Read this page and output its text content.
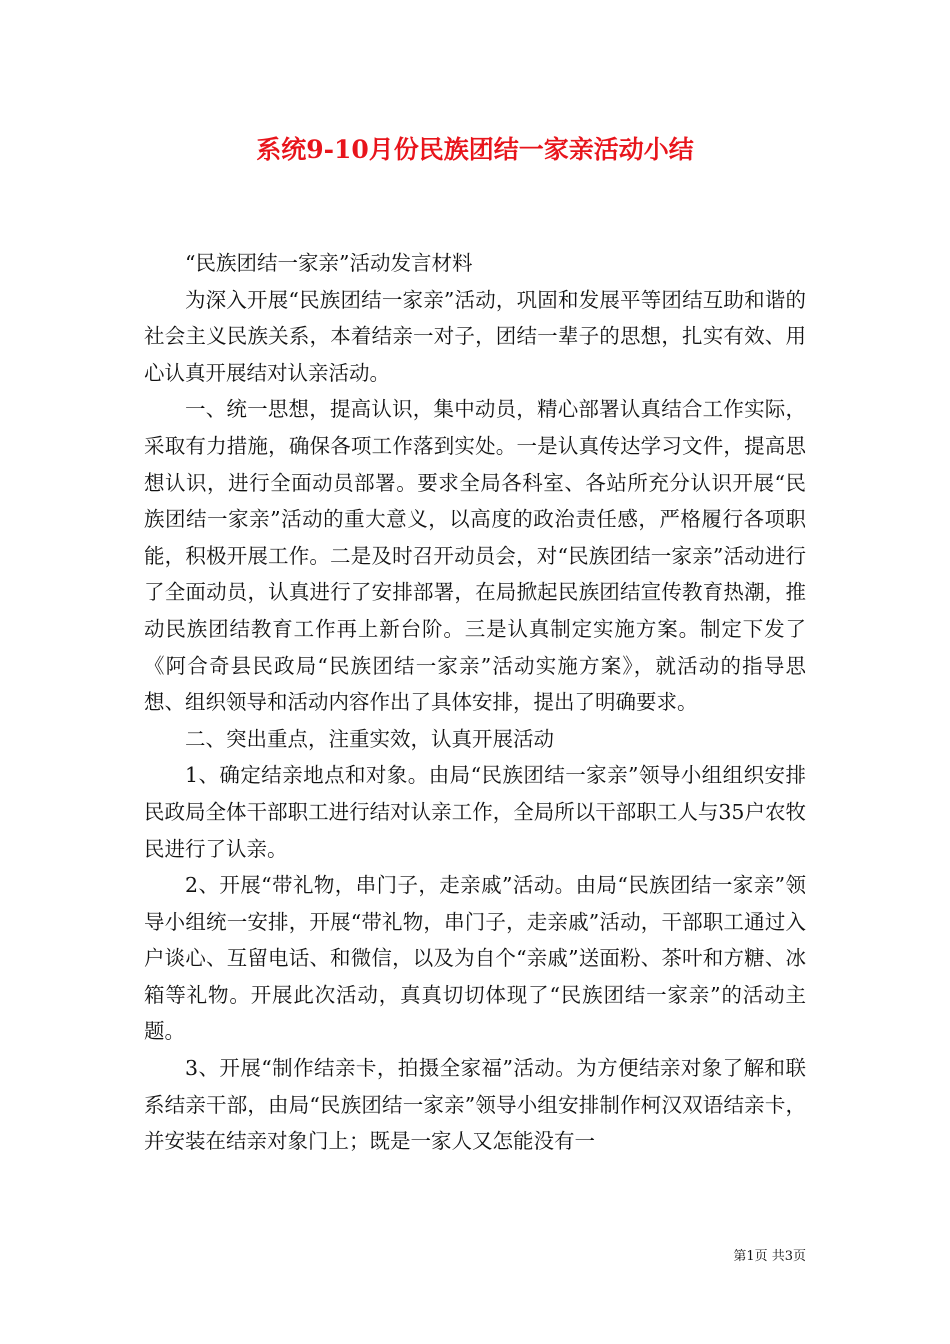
系统9-10月份民族团结一家亲活动小结

“民族团结一家亲”活动发言材料

为深入开展“民族团结一家亲”活动，巩固和发展平等团结互助和谐的社会主义民族关系，本着结亲一对子，团结一辈子的思想，扎实有效、用心认真开展结对认亲活动。

一、统一思想，提高认识，集中动员，精心部署认真结合工作实际，采取有力措施，确保各项工作落到实处。一是认真传达学习文件，提高思想认识，进行全面动员部署。要求全局各科室、各站所充分认识开展“民族团结一家亲”活动的重大意义，以高度的政治责任感，严格履行各项职能，积极开展工作。二是及时召开动员会，对“民族团结一家亲”活动进行了全面动员，认真进行了安排部署，在局掀起民族团结宣传教育热潮，推动民族团结教育工作再上新台阶。三是认真制定实施方案。制定下发了《阿合奇县民政局“民族团结一家亲”活动实施方案》，就活动的指导思想、组织领导和活动内容作出了具体安排，提出了明确要求。

二、突出重点，注重实效，认真开展活动

1、确定结亲地点和对象。由局“民族团结一家亲”领导小组组织安排民政局全体干部职工进行结对认亲工作，全局所以干部职工人与35户农牧民进行了认亲。

2、开展“带礼物，串门子，走亲戚”活动。由局“民族团结一家亲”领导小组统一安排，开展“带礼物，串门子，走亲戚”活动，干部职工通过入户谈心、互留电话、和微信，以及为自个“亲戚”送面粉、茶叶和方糖、冰箱等礼物。开展此次活动，真真切切体现了“民族团结一家亲”的活动主题。

3、开展“制作结亲卡，拍摄全家福”活动。为方便结亲对象了解和联系结亲干部，由局“民族团结一家亲”领导小组安排制作柯汉双语结亲卡，并安装在结亲对象门上；既是一家人又怎能没有一

第1页 共3页
